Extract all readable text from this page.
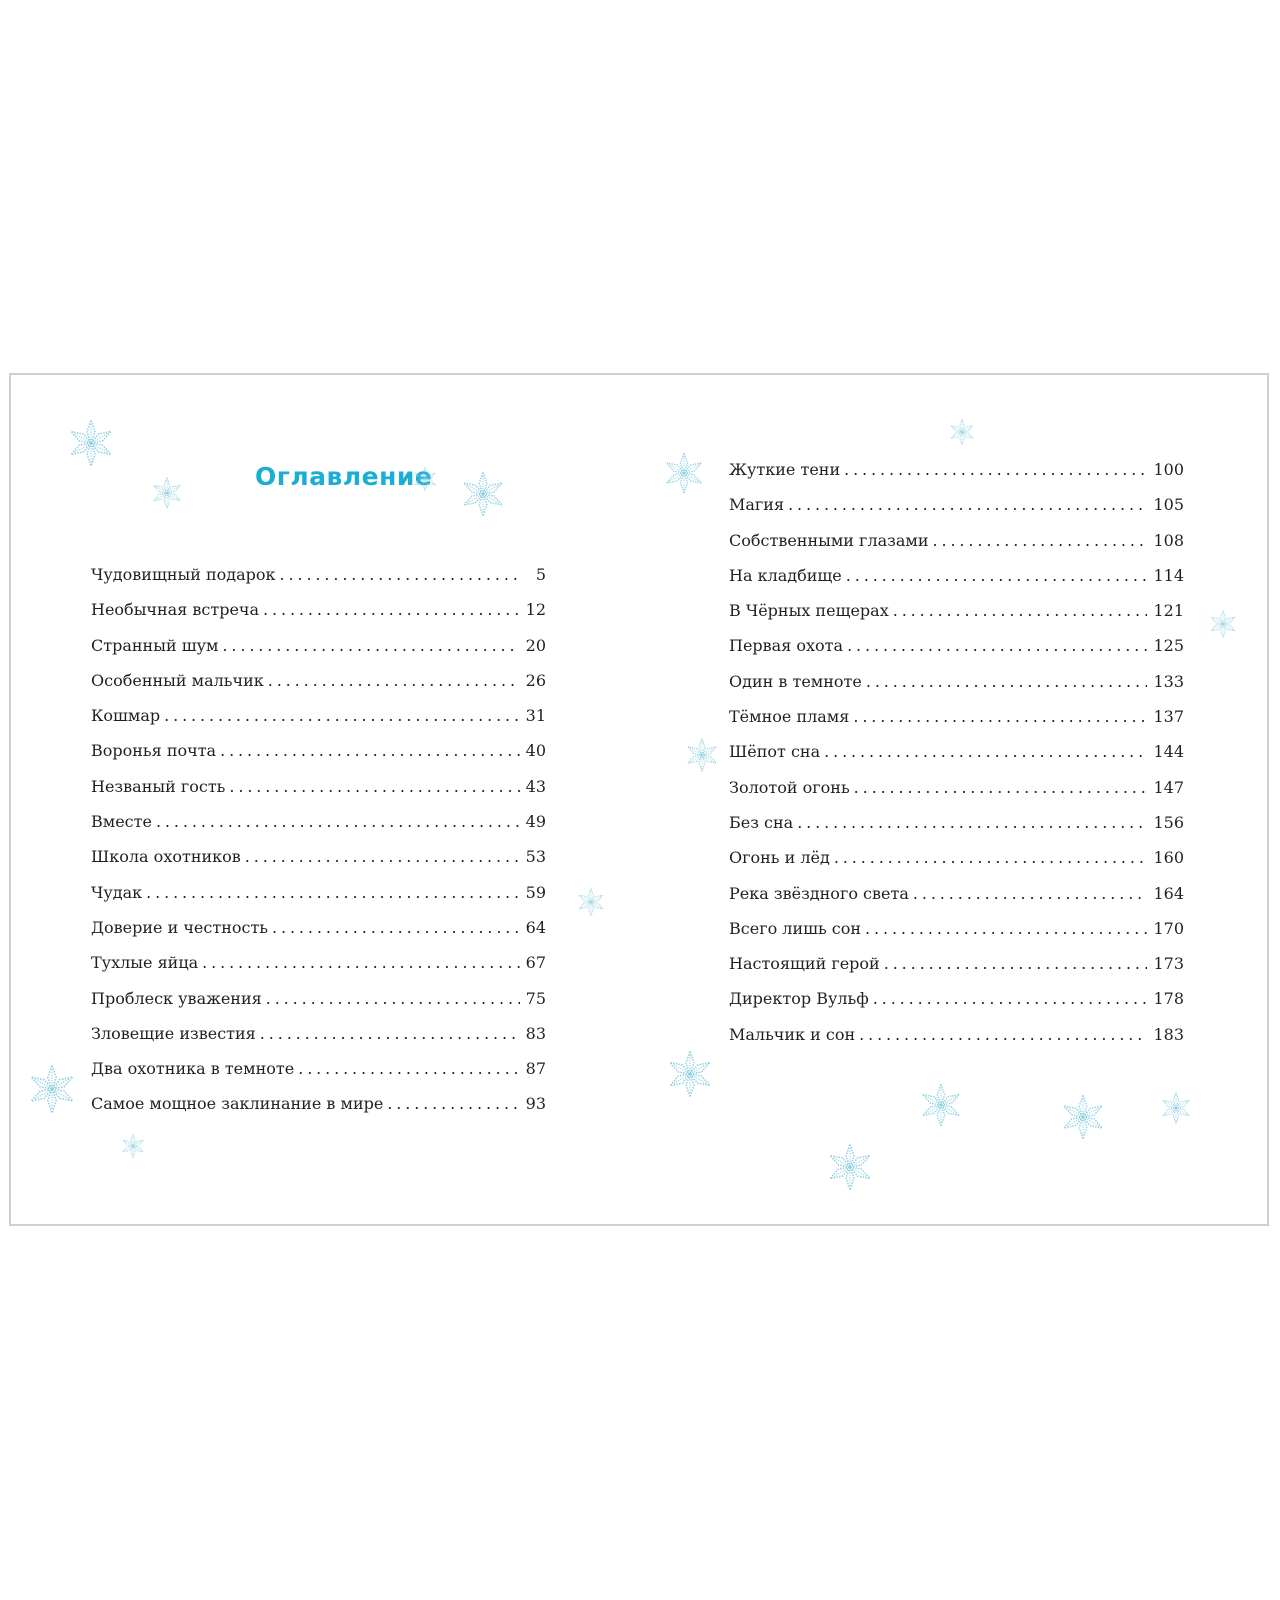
Оглавление
Чудовищный подарок . . .	5
Необычная встреча . . .	12
Странный шум . . .	20
Особенный мальчик . . .	26
Кошмар . . .	31
Воронья почта . . .	40
Незваный гость . . .	43
Вместе . . .	49
Школа охотников . . .	53
Чудак . . .	59
Доверие и честность . . .	64
Тухлые яйца . . .	67
Проблеск уважения . . .	75
Зловещие известия . . .	83
Два охотника в темноте . . .	87
Самое мощное заклинание в мире . . .	93
Жуткие тени . . .	100
Магия . . .	105
Собственными глазами . . .	108
На кладбище . . .	114
В Чёрных пещерах . . .	121
Первая охота . . .	125
Один в темноте . . .	133
Тёмное пламя . . .	137
Шёпот сна . . .	144
Золотой огонь . . .	147
Без сна . . .	156
Огонь и лёд . . .	160
Река звёздного света . . .	164
Всего лишь сон . . .	170
Настоящий герой . . .	173
Директор Вульф . . .	178
Мальчик и сон . . .	183
